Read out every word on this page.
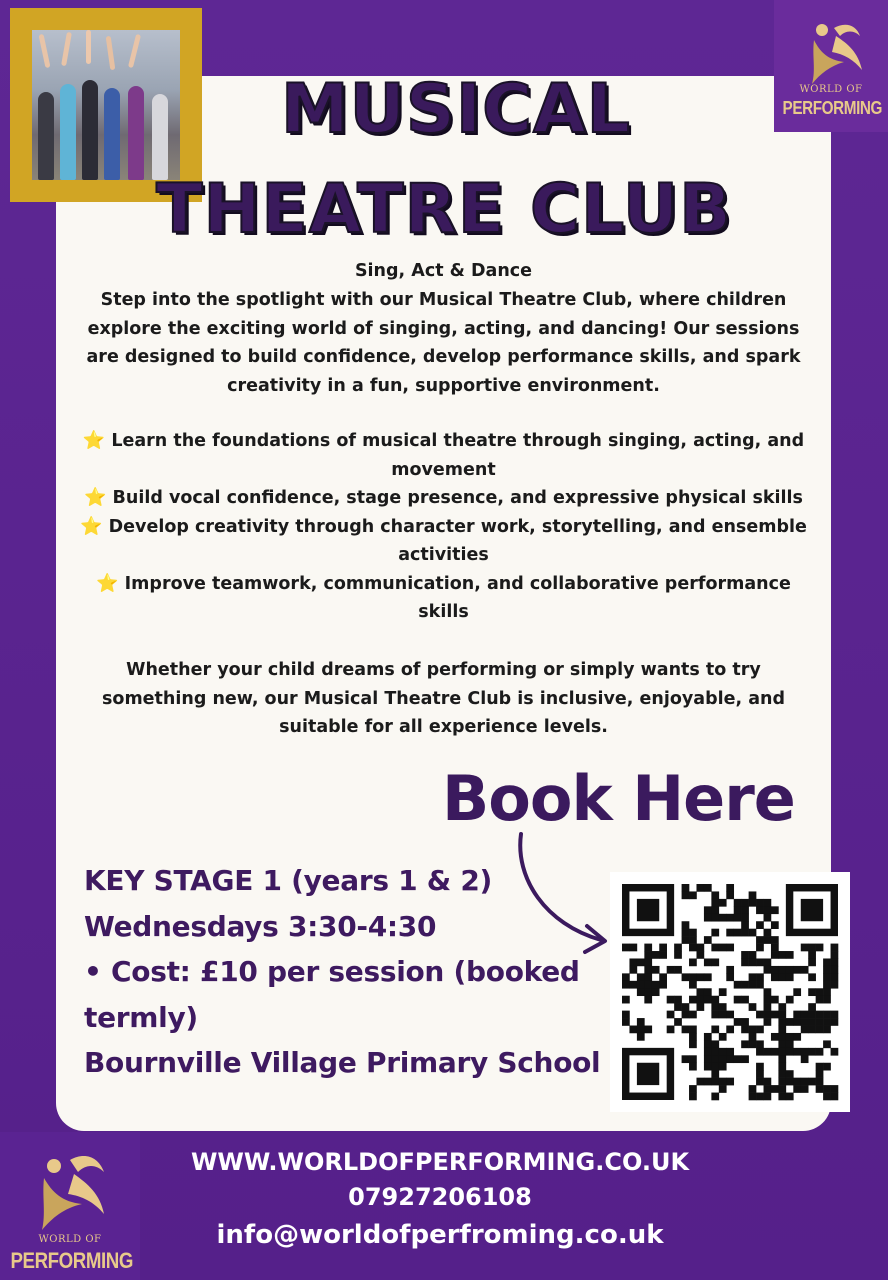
WORLD OF
PERFORMING
MUSICAL
THEATRE CLUB
Sing, Act & Dance
Step into the spotlight with our Musical Theatre Club, where children explore the exciting world of singing, acting, and dancing! Our sessions are designed to build confidence, develop performance skills, and spark creativity in a fun, supportive environment.
⭐ Learn the foundations of musical theatre through singing, acting, and movement
⭐ Build vocal confidence, stage presence, and expressive physical skills
⭐ Develop creativity through character work, storytelling, and ensemble activities
⭐ Improve teamwork, communication, and collaborative performance skills
Whether your child dreams of performing or simply wants to try something new, our Musical Theatre Club is inclusive, enjoyable, and suitable for all experience levels.
Book Here
KEY STAGE 1 (years 1 & 2)
Wednesdays 3:30-4:30
• Cost: £10 per session (booked termly)
Bournville Village Primary School
WORLD OF
PERFORMING
WWW.WORLDOFPERFORMING.CO.UK
07927206108
info@worldofperfroming.co.uk
